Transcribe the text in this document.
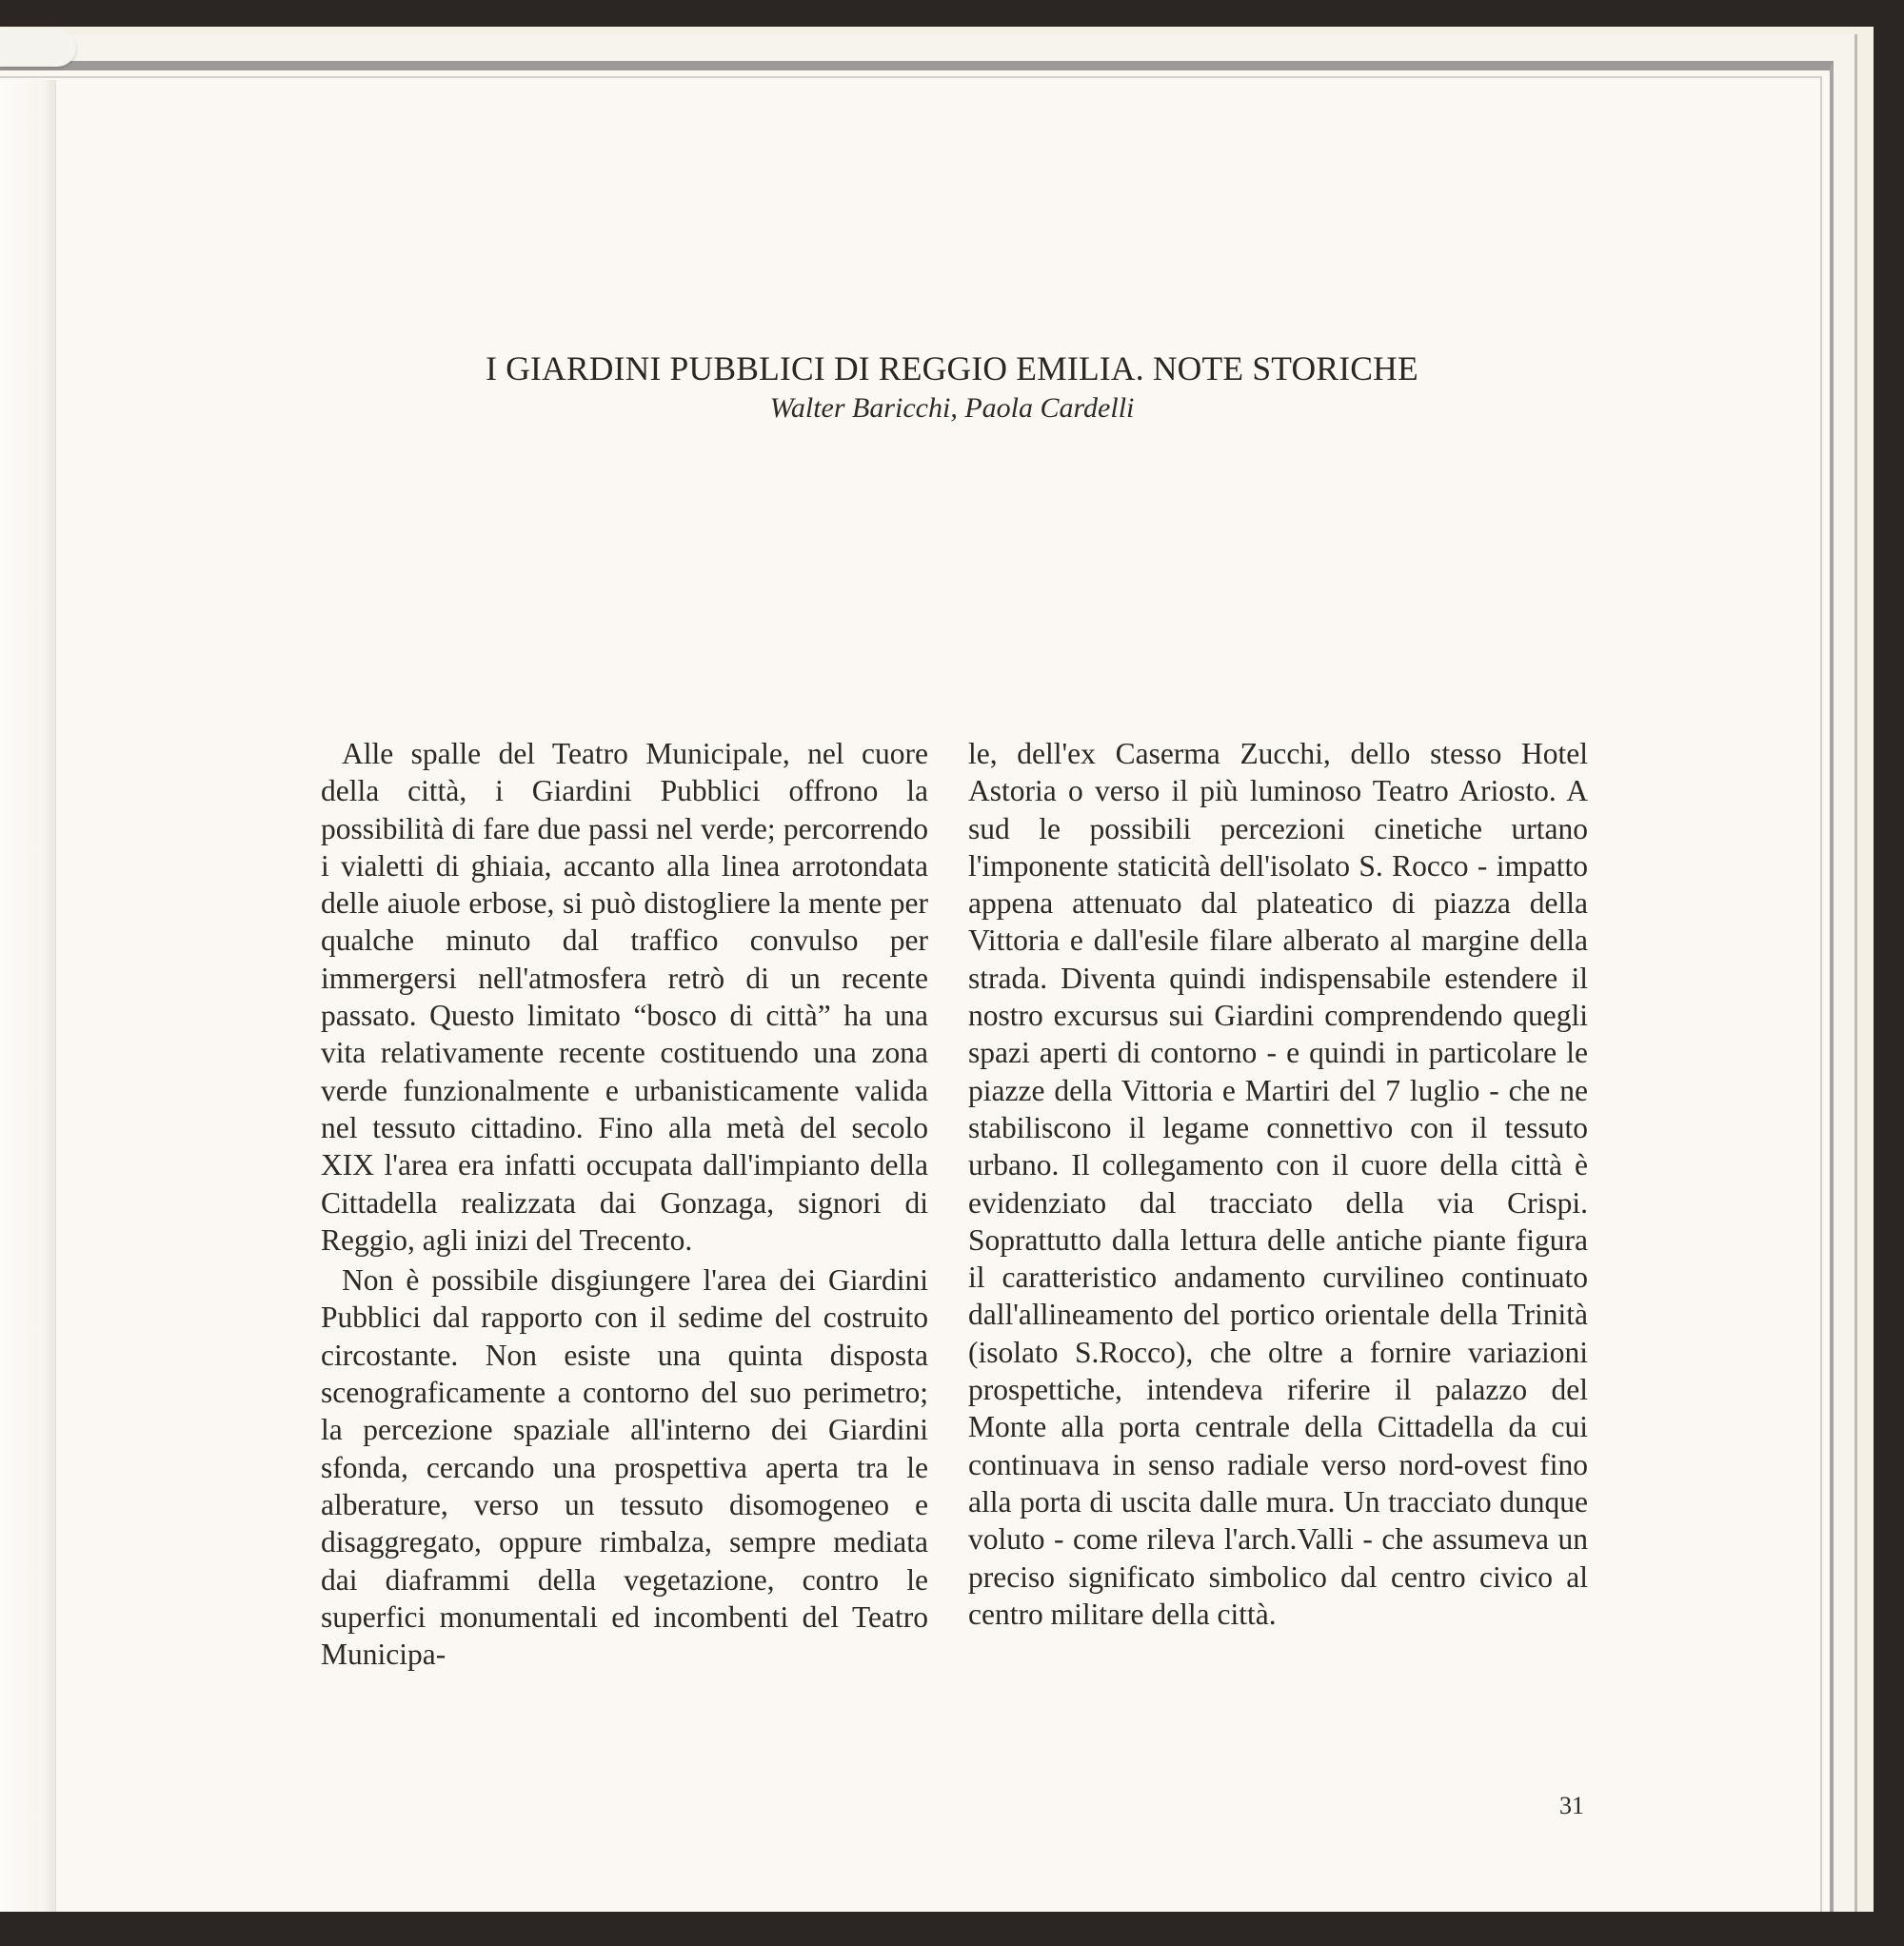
I GIARDINI PUBBLICI DI REGGIO EMILIA. NOTE STORICHE
Walter Baricchi, Paola Cardelli

Alle spalle del Teatro Municipale, nel cuore della città, i Giardini Pubblici offrono la possibilità di fare due passi nel verde; percorrendo i vialetti di ghiaia, accanto alla linea arrotondata delle aiuole erbose, si può distogliere la mente per qualche minuto dal traffico convulso per immergersi nell'atmosfera retrò di un recente passato. Questo limitato “bosco di città” ha una vita relativamente recente costituendo una zona verde funzionalmente e urbanisticamente valida nel tessuto cittadino. Fino alla metà del secolo XIX l'area era infatti occupata dall'impianto della Cittadella realizzata dai Gonzaga, signori di Reggio, agli inizi del Trecento.

Non è possibile disgiungere l'area dei Giardini Pubblici dal rapporto con il sedime del costruito circostante. Non esiste una quinta disposta scenograficamente a contorno del suo perimetro; la percezione spaziale all'interno dei Giardini sfonda, cercando una prospettiva aperta tra le alberature, verso un tessuto disomogeneo e disaggregato, oppure rimbalza, sempre mediata dai diaframmi della vegetazione, contro le superfici monumentali ed incombenti del Teatro Municipa-

le, dell'ex Caserma Zucchi, dello stesso Hotel Astoria o verso il più luminoso Teatro Ariosto. A sud le possibili percezioni cinetiche urtano l'imponente staticità dell'isolato S. Rocco - impatto appena attenuato dal plateatico di piazza della Vittoria e dall'esile filare alberato al margine della strada. Diventa quindi indispensabile estendere il nostro excursus sui Giardini comprendendo quegli spazi aperti di contorno - e quindi in particolare le piazze della Vittoria e Martiri del 7 luglio - che ne stabiliscono il legame connettivo con il tessuto urbano. Il collegamento con il cuore della città è evidenziato dal tracciato della via Crispi. Soprattutto dalla lettura delle antiche piante figura il caratteristico andamento curvilineo continuato dall'allineamento del portico orientale della Trinità (isolato S.Rocco), che oltre a fornire variazioni prospettiche, intendeva riferire il palazzo del Monte alla porta centrale della Cittadella da cui continuava in senso radiale verso nord-ovest fino alla porta di uscita dalle mura. Un tracciato dunque voluto - come rileva l'arch.Valli - che assumeva un preciso significato simbolico dal centro civico al centro militare della città.

31
